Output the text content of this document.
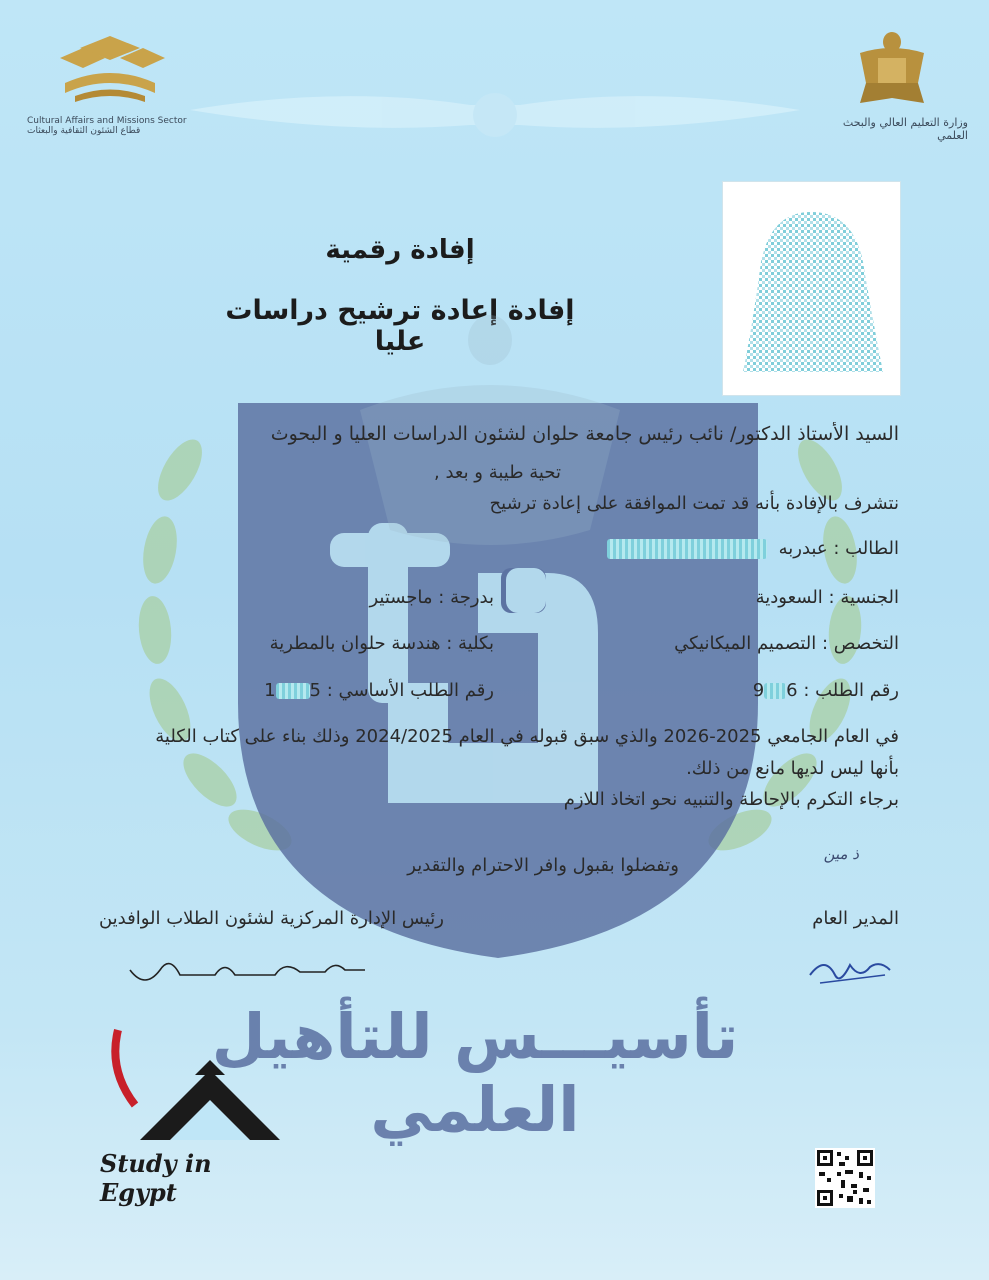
Cultural Affairs and Missions Sector
قطاع الشئون الثقافية والبعثات
وزارة التعليم العالي والبحث العلمي
إفادة رقمية
إفادة إعادة ترشيح دراسات عليا
السيد الأستاذ الدكتور/ نائب رئيس جامعة حلوان لشئون الدراسات العليا و البحوث
تحية طيبة و بعد ,
نتشرف بالإفادة بأنه قد تمت الموافقة على إعادة ترشيح
الطالب : عبدربه
الجنسية : السعودية
بدرجة : ماجستير
التخصص : التصميم الميكانيكي
بكلية : هندسة حلوان بالمطرية
رقم الطلب : 69
رقم الطلب الأساسي : 51
في العام الجامعي 2025-2026 والذي سبق قبوله في العام 2024/2025 وذلك بناء على كتاب الكلية
بأنها ليس لديها مانع من ذلك.
برجاء التكرم بالإحاطة والتنبيه نحو اتخاذ اللازم
ذ مين
وتفضلوا بقبول وافر الاحترام والتقدير
المدير العام
رئيس الإدارة المركزية لشئون الطلاب الوافدين
تأسيـــس للتأهيل العلمي
Study in Egypt
